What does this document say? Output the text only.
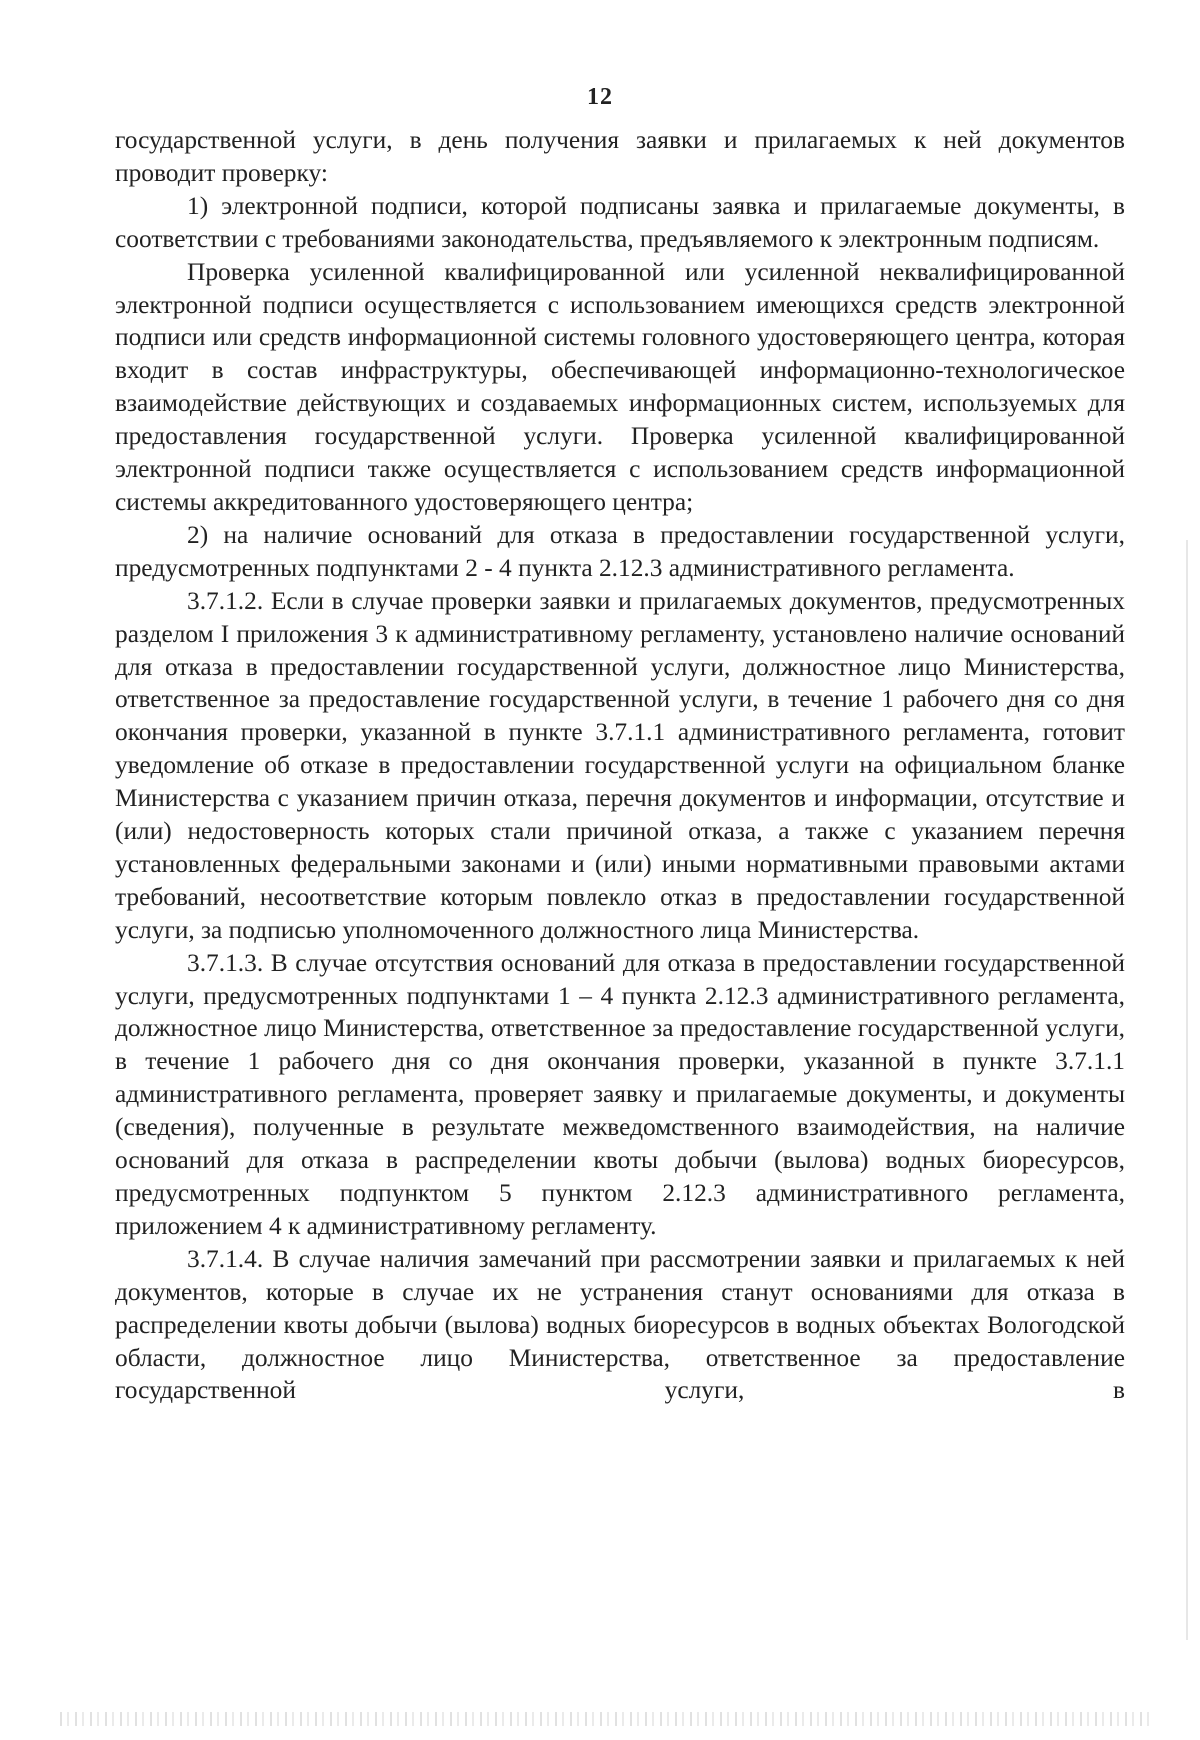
12

государственной услуги, в день получения заявки и прилагаемых к ней документов проводит проверку:

1) электронной подписи, которой подписаны заявка и прилагаемые документы, в соответствии с требованиями законодательства, предъявляемого к электронным подписям.

Проверка усиленной квалифицированной или усиленной неквалифицированной электронной подписи осуществляется с использованием имеющихся средств электронной подписи или средств информационной системы головного удостоверяющего центра, которая входит в состав инфраструктуры, обеспечивающей информационно-технологическое взаимодействие действующих и создаваемых информационных систем, используемых для предоставления государственной услуги. Проверка усиленной квалифицированной электронной подписи также осуществляется с использованием средств информационной системы аккредитованного удостоверяющего центра;

2) на наличие оснований для отказа в предоставлении государственной услуги, предусмотренных подпунктами 2 - 4 пункта 2.12.3 административного регламента.

3.7.1.2. Если в случае проверки заявки и прилагаемых документов, предусмотренных разделом I приложения 3 к административному регламенту, установлено наличие оснований для отказа в предоставлении государственной услуги, должностное лицо Министерства, ответственное за предоставление государственной услуги, в течение 1 рабочего дня со дня окончания проверки, указанной в пункте 3.7.1.1 административного регламента, готовит уведомление об отказе в предоставлении государственной услуги на официальном бланке Министерства с указанием причин отказа, перечня документов и информации, отсутствие и (или) недостоверность которых стали причиной отказа, а также с указанием перечня установленных федеральными законами и (или) иными нормативными правовыми актами требований, несоответствие которым повлекло отказ в предоставлении государственной услуги, за подписью уполномоченного должностного лица Министерства.

3.7.1.3. В случае отсутствия оснований для отказа в предоставлении государственной услуги, предусмотренных подпунктами 1 – 4 пункта 2.12.3 административного регламента, должностное лицо Министерства, ответственное за предоставление государственной услуги, в течение 1 рабочего дня со дня окончания проверки, указанной в пункте 3.7.1.1 административного регламента, проверяет заявку и прилагаемые документы, и документы (сведения), полученные в результате межведомственного взаимодействия, на наличие оснований для отказа в распределении квоты добычи (вылова) водных биоресурсов, предусмотренных подпунктом 5 пунктом 2.12.3 административного регламента, приложением 4 к административному регламенту.

3.7.1.4. В случае наличия замечаний при рассмотрении заявки и прилагаемых к ней документов, которые в случае их не устранения станут основаниями для отказа в распределении квоты добычи (вылова) водных биоресурсов в водных объектах Вологодской области, должностное лицо Министерства, ответственное за предоставление государственной услуги, в
